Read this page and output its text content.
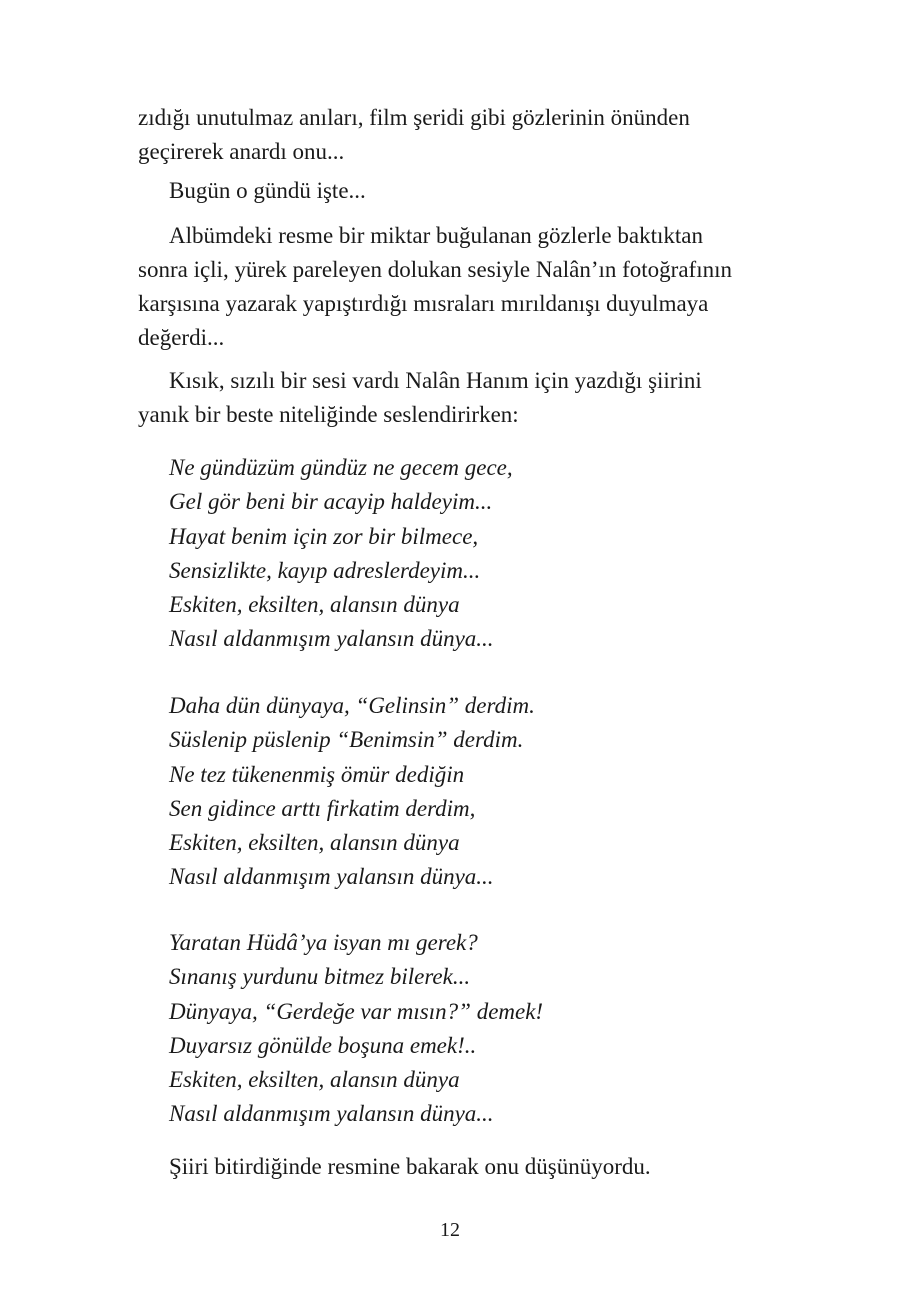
zıdığı unutulmaz anıları, film şeridi gibi gözlerinin önünden
geçirerek anardı onu...
Bugün o gündü işte...
Albümdeki resme bir miktar buğulanan gözlerle baktıktan
sonra içli, yürek pareleyen dolukan sesiyle Nalân’ın fotoğrafının
karşısına yazarak yapıştırdığı mısraları mırıldanışı duyulmaya
değerdi...
Kısık, sızılı bir sesi vardı Nalân Hanım için yazdığı şiirini
yanık bir beste niteliğinde seslendirirken:
Ne gündüzüm gündüz ne gecem gece,
Gel gör beni bir acayip haldeyim...
Hayat benim için zor bir bilmece,
Sensizlikte, kayıp adreslerdeyim...
Eskiten, eksilten, alansın dünya
Nasıl aldanmışım yalansın dünya...
Daha dün dünyaya, “Gelinsin” derdim.
Süslenip püslenip “Benimsin” derdim.
Ne tez tükenenmiş ömür dediğin
Sen gidince arttı firkatim derdim,
Eskiten, eksilten, alansın dünya
Nasıl aldanmışım yalansın dünya...
Yaratan Hüdâ’ya isyan mı gerek?
Sınanış yurdunu bitmez bilerek...
Dünyaya, “Gerdeğe var mısın?” demek!
Duyarsız gönülde boşuna emek!..
Eskiten, eksilten, alansın dünya
Nasıl aldanmışım yalansın dünya...
Şiiri bitirdiğinde resmine bakarak onu düşünüyordu.
12
